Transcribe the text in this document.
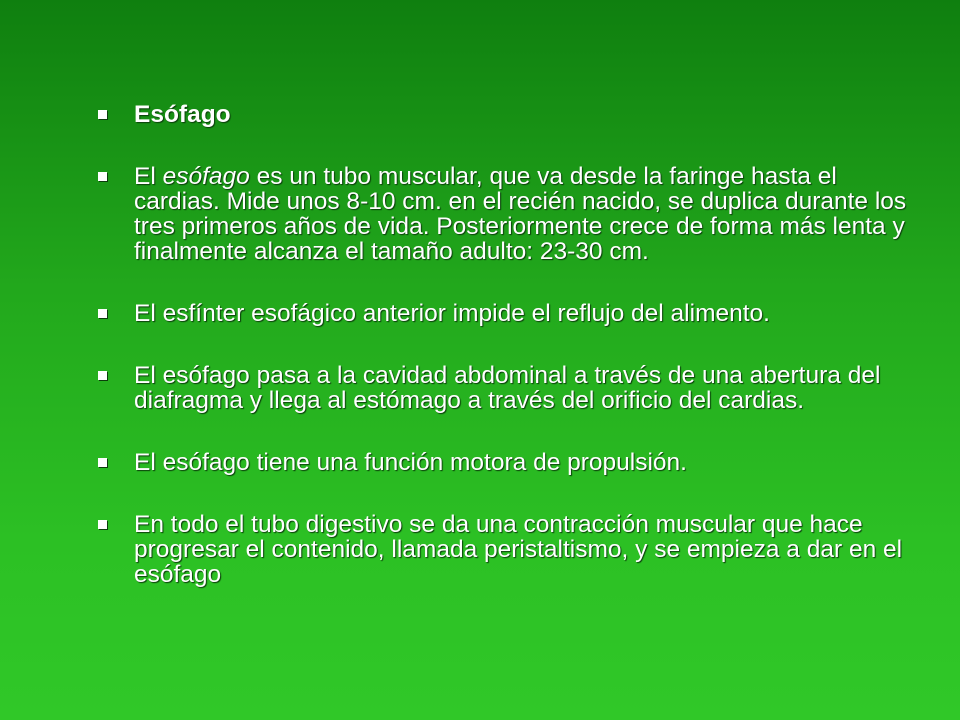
Esófago
El esófago es un tubo muscular, que va desde la faringe hasta el cardias. Mide unos 8-10 cm. en el recién nacido, se duplica durante los tres primeros años de vida. Posteriormente crece de forma más lenta y finalmente alcanza el tamaño adulto: 23-30 cm.
El esfínter esofágico anterior impide el reflujo del alimento.
El esófago pasa a la cavidad abdominal a través de una abertura del diafragma y llega al estómago a través del orificio del cardias.
El esófago tiene una función motora de propulsión.
En todo el tubo digestivo se da una contracción muscular que hace progresar el contenido, llamada peristaltismo, y se empieza a dar en el esófago
